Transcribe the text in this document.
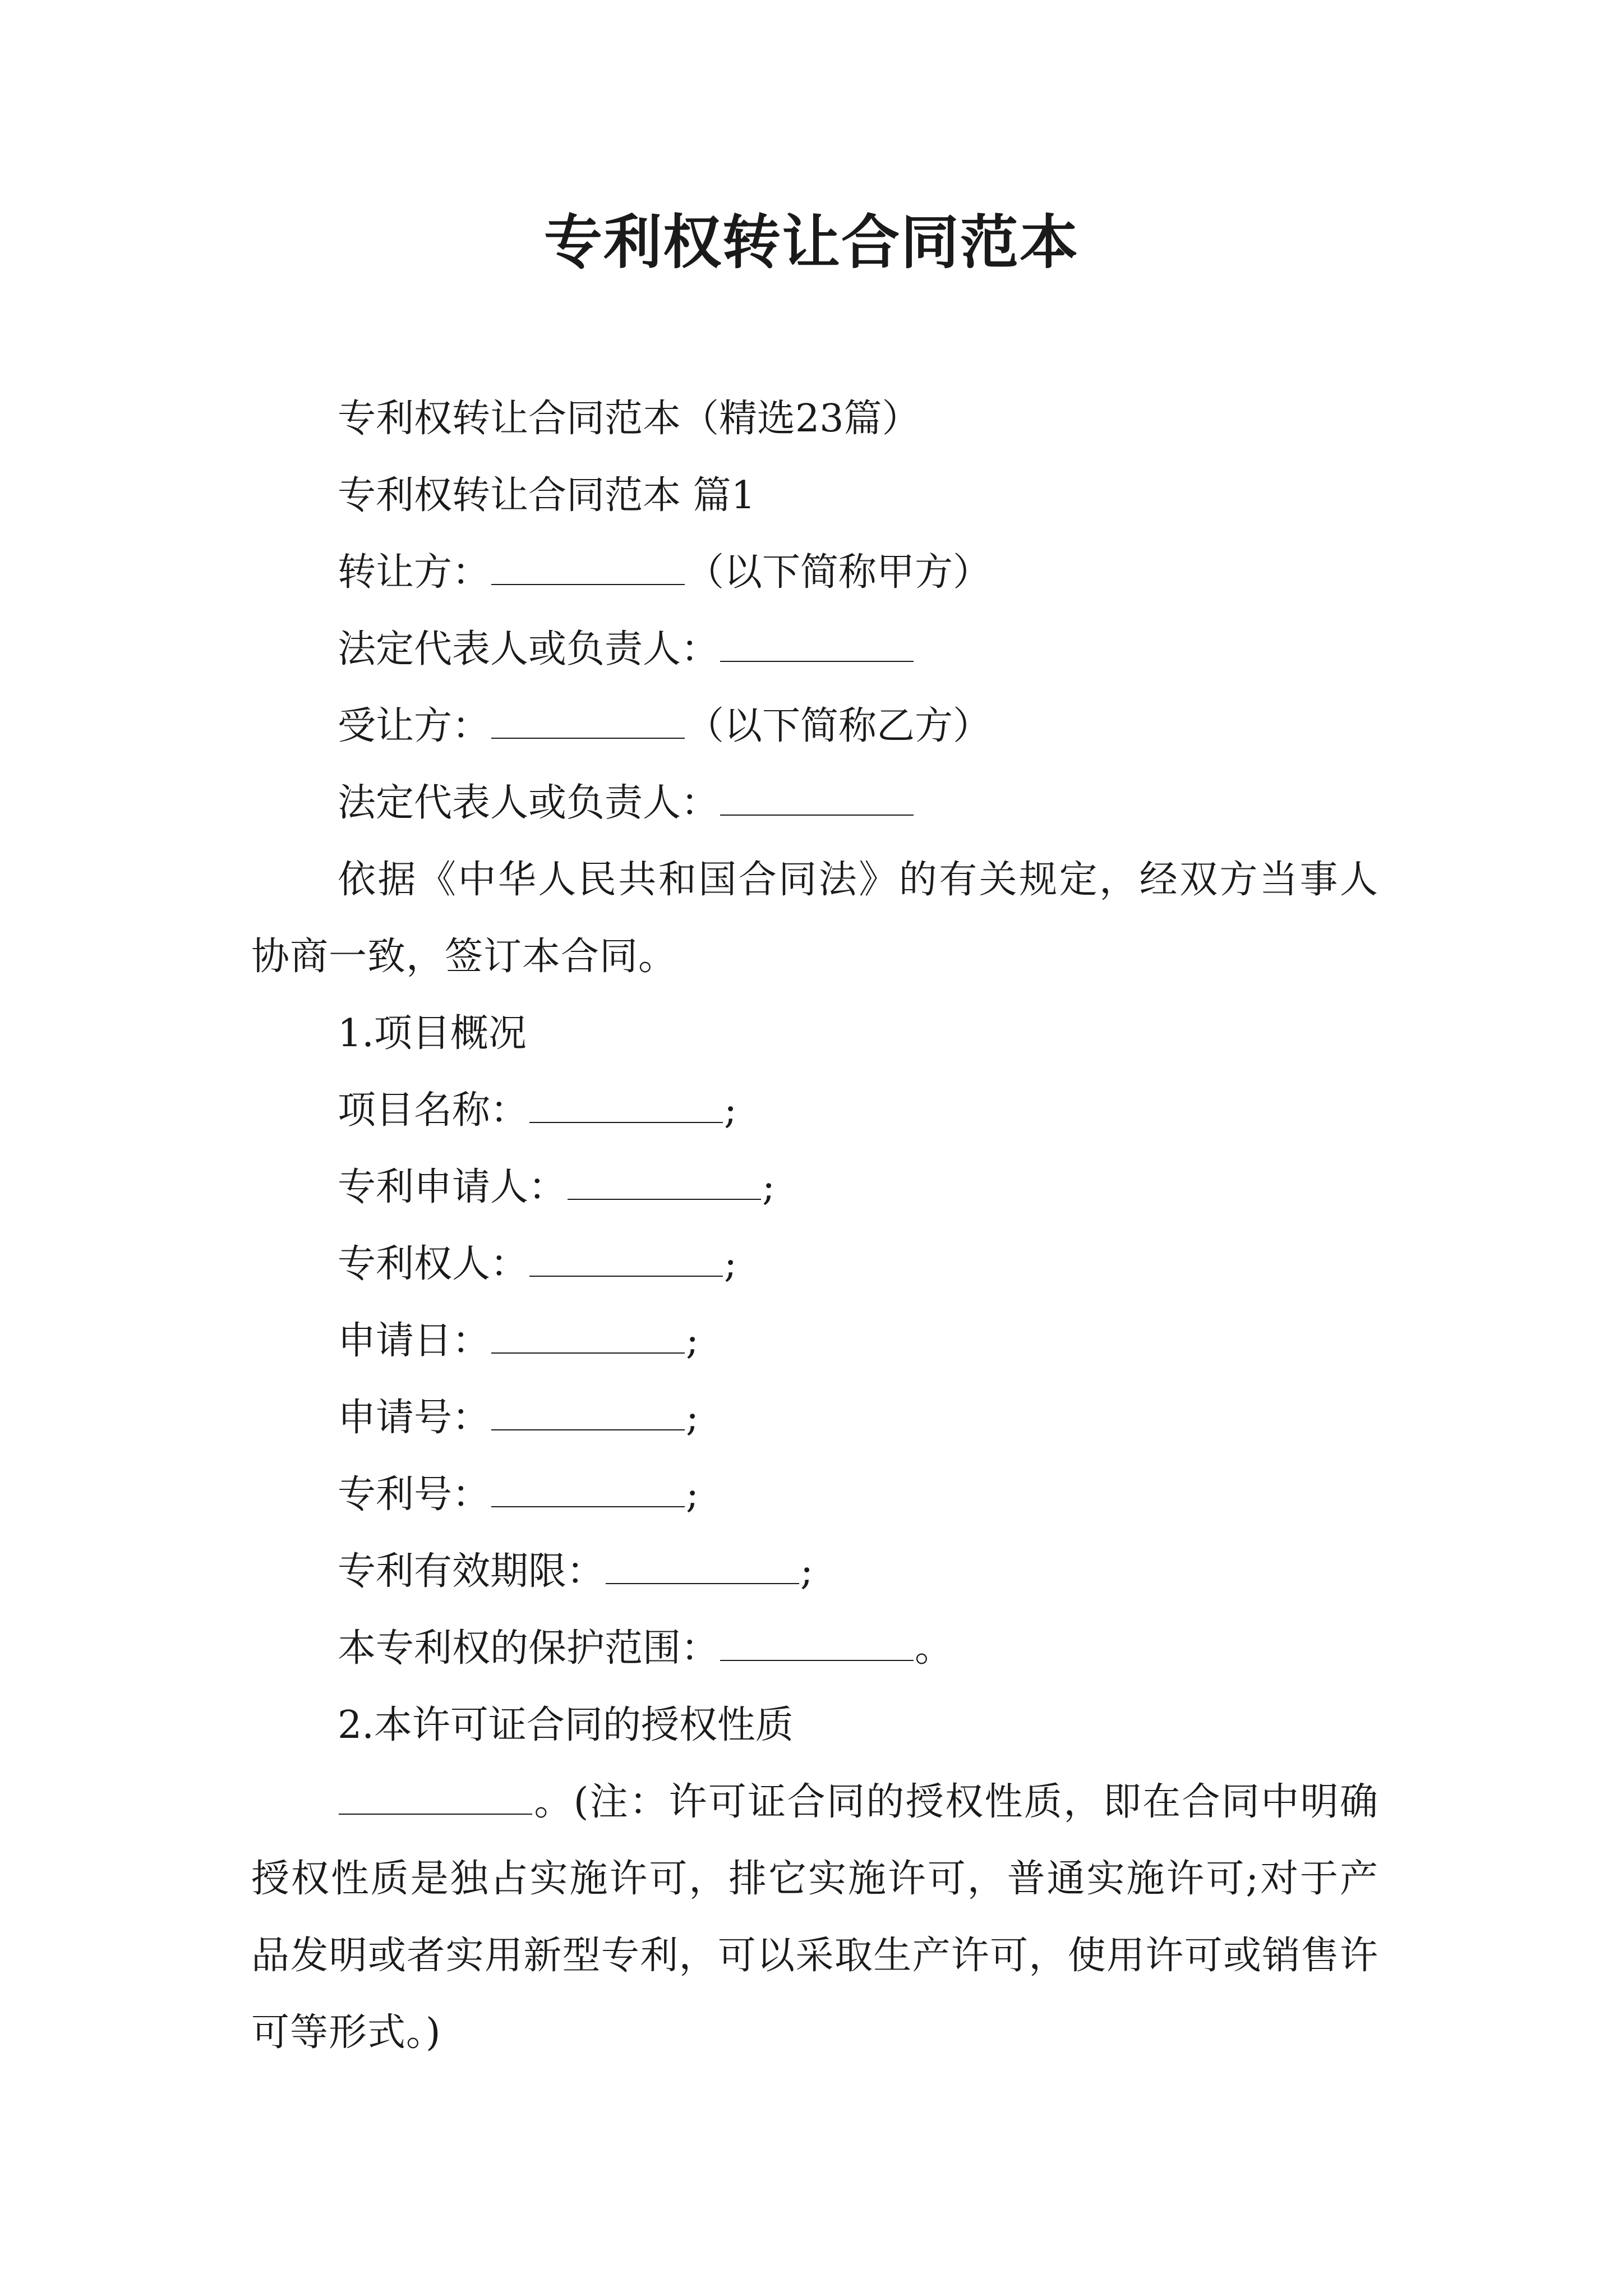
专利权转让合同范本

专利权转让合同范本（精选23篇）

专利权转让合同范本 篇1

转让方：	（以下简称甲方）

法定代表人或负责人：

受让方：	（以下简称乙方）

法定代表人或负责人：

依据《中华人民共和国合同法》的有关规定，经双方当事人协商一致，签订本合同。

1.项目概况

项目名称：	;

专利申请人：	;

专利权人：	;

申请日：	;

申请号：	;

专利号：	;

专利有效期限：	;

本专利权的保护范围：	。

2.本许可证合同的授权性质

。(注：许可证合同的授权性质，即在合同中明确授权性质是独占实施许可，排它实施许可，普通实施许可;对于产品发明或者实用新型专利，可以采取生产许可，使用许可或销售许可等形式。)
